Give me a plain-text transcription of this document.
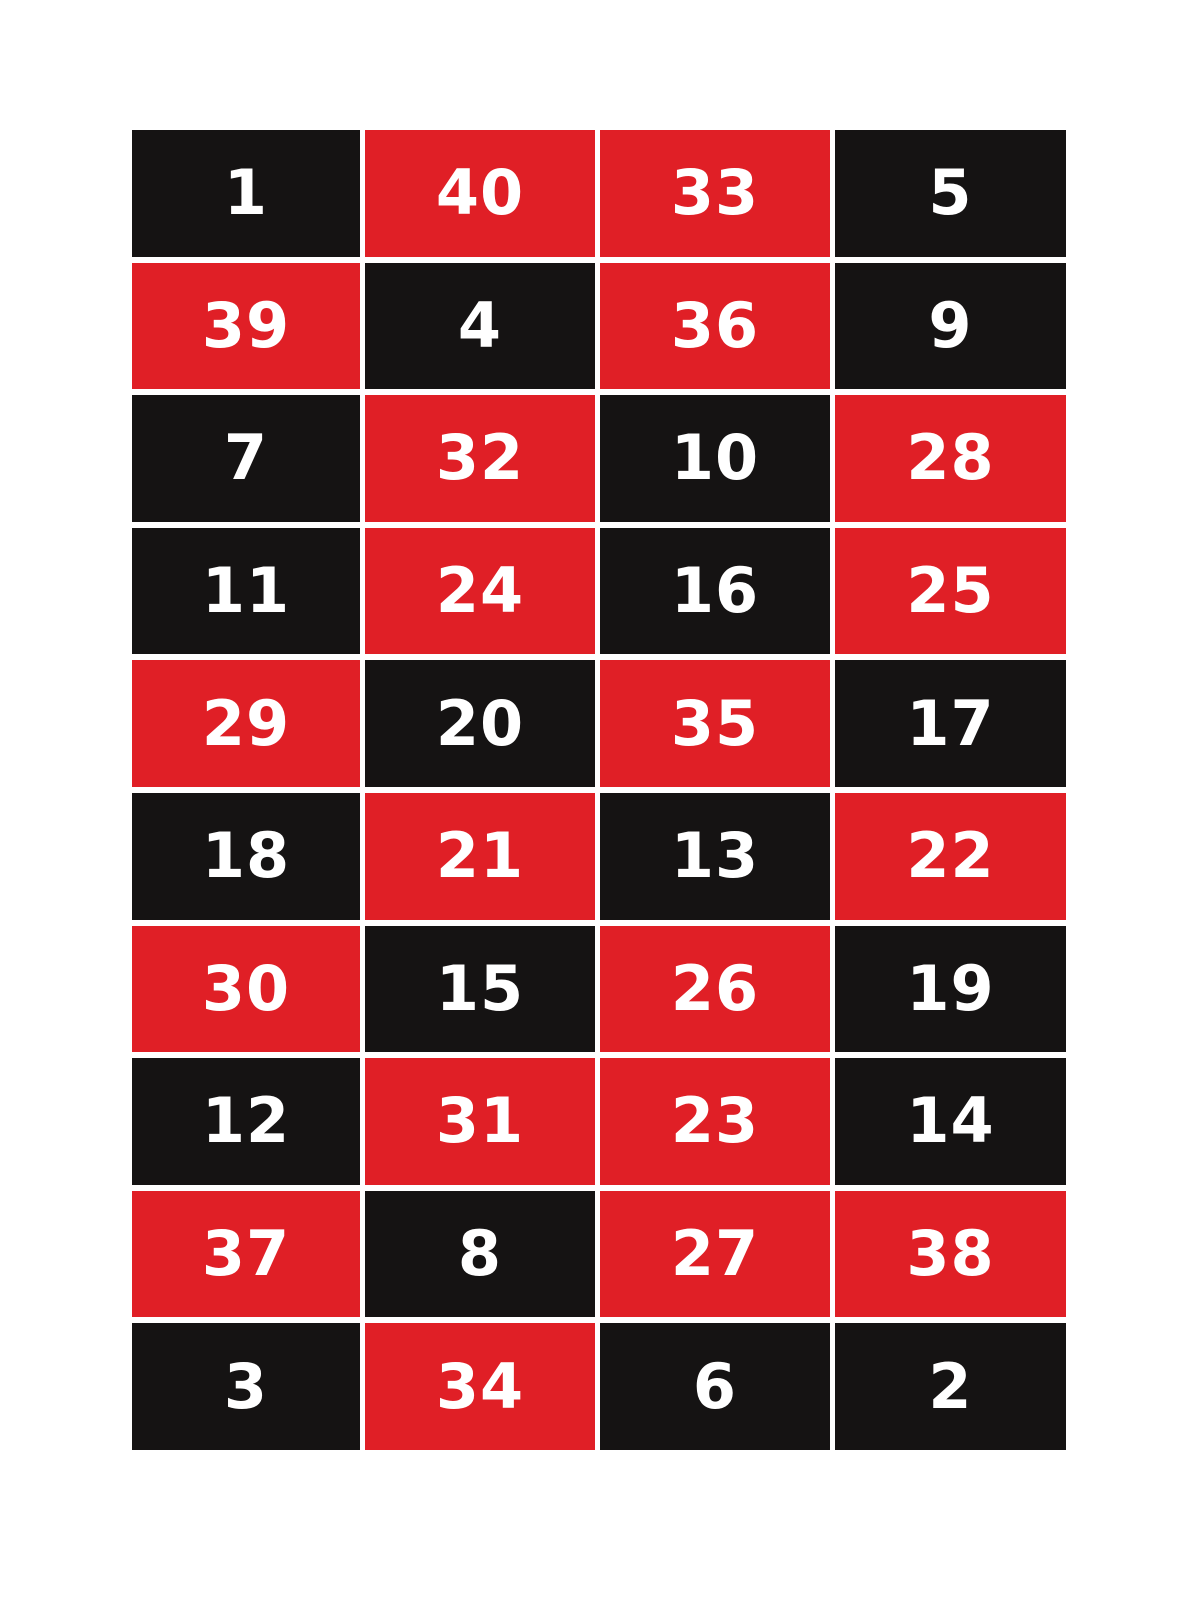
1	40 33	5
39	4	36	9
7	32 10 28
11 24 16 25
29 20 35 17
18 21 13 22
30 15 26 19
12 31 23 14
37	8	27 38
3	34	6	2
